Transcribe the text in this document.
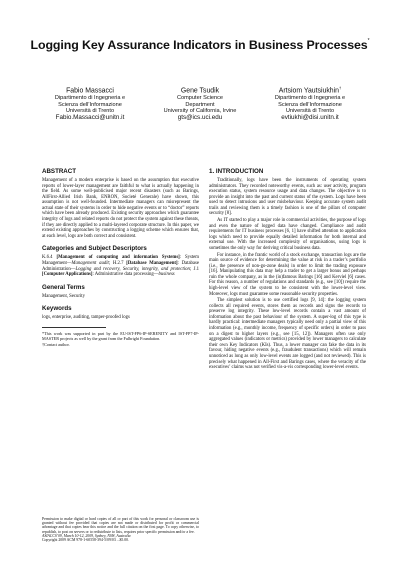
Logging Key Assurance Indicators in Business Processes*
Fabio Massacci
Dipartimento di Ingegneria e
Scienza dell’Informazione
Università di Trento
Fabio.Massacci@unitn.it
Gene Tsudik
Computer Science
Department
University of California, Irvine
gts@ics.uci.edu
Artsiom Yautsiukhin†
Dipartimento di Ingegneria e
Scienza dell’Informazione
Università di Trento
evtiukhi@disi.unitn.it
ABSTRACT

Management of a modern enterprise is based on the assumption that executive reports of lower-layer management are faithful to what is actually happening in the field. As some well-publicised major recent disasters (such as Barings, AllFirst-Allied Irish Bank, ENRON, Societé Generale) have shown, this assumption is not well-founded. Intermediate managers can misrepresent the actual state of their systems in order to hide negative events or to “doctor” reports which have been already produced. Existing security approaches which guarantee integrity of logs and related reports do not protect the system against these threats, if they are directly applied to a multi-layered corporate structure. In this paper, we extend existing approaches by constructing a logging scheme which ensures that, at each level, logs are both correct and consistent.

Categories and Subject Descriptors

K.6.4 [Management of computing and information Systems]: System Management—Management audit; H.2.7 [Database Management]: Database Administration—Logging and recovery, Security, integrity, and protection; J.1 [Computer Applications]: Administrative data processing—business

General Terms

Management, Security

Keywords

logs, enterprise, auditing, tamper-proofed logs

*This work was supported in part by the EU-IST-FP6-IP-SERENITY and IST-FP7-IP-MASTER projects as well by the grant from the Fulbright Foundation.

†Contact author.

Permission to make digital or hard copies of all or part of this work for personal or classroom use is granted without fee provided that copies are not made or distributed for profit or commercial advantage and that copies bear this notice and the full citation on the first page. To copy otherwise, to republish, to post on servers or to redistribute to lists, requires prior specific permission and/or a fee.

ASIACCS’09, March 10-12, 2009, Sydney, NSW, Australia

Copyright 2009 ACM 978-1-60558-394-5/09/03 ...$5.00.

1. INTRODUCTION

Traditionally, logs have been the instruments of operating system administrators. They recorded noteworthy events, such as: user activity, program execution status, system resource usage and data changes. The objective is to provide an insight into the past and current status of the system. Logs have been used to detect intrusions and user misbehaviour. Keeping accurate system audit trails and reviewing them is a timely fashion is one of the pillars of computer security [8].

As IT started to play a major role in commercial activities, the purpose of logs and even the nature of logged data have changed. Compliance and audit requirements for IT business processes [6, 1] have shifted attention to application logs which need to provide equally detailed information for both internal and external use. With the increased complexity of organisations, using logs is sometimes the only way for deriving critical business data.

For instance, in the frantic world of a stock exchange, transaction logs are the main source of evidence for determining the value at risk in a trader’s portfolio (i.e., the presence of non-go-zone deals) in order to limit the trading exposure [16]. Manipulating this data may help a trader to get a larger bonus and perhaps ruin the whole company, as in the (in)famous Barings [16] and Kerviel [6] cases. For this reason, a number of regulations and standards (e.g., see [10]) require the high-level view of the system to be consistent with the lower-level view. Moreover, logs must guarantee some reasonable security properties.

The simplest solution is to use certified logs [9, 14]: the logging system collects all required events, stores them as records and signs the records to preserve log integrity. These low-level records contain a vast amount of information about the past behaviour of the system. A super-log of this type is hardly practical: intermediate managers typically need only a partial view of this information (e.g., monthly income, frequency of specific orders) in order to pass on a digest to higher layers (e.g., see [15, 12]). Managers often use only aggregated values (indicators or metrics) provided by lower managers to calculate their own Key Indicators (KIs). Thus, a lower manager can fake the data in its favour, hiding negative events (e.g., fraudulent transactions) which will remain unnoticed as long as only low-level events are logged (and not reviewed). This is precisely what happened in All-First and Barings cases, where the veracity of the executives’ claims was not verified vis-a-vis corresponding lower-level events.
